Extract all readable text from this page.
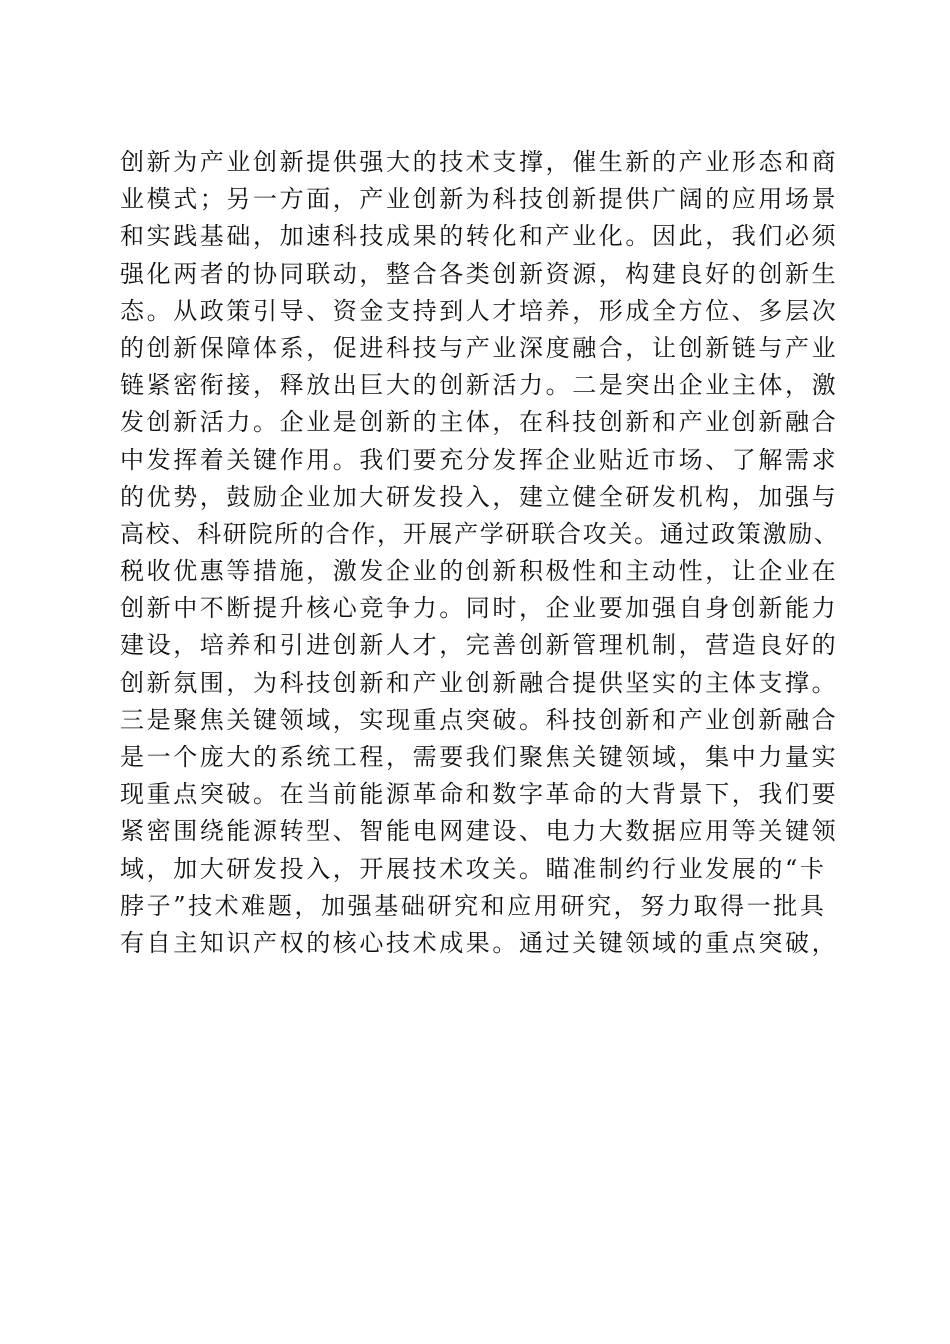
创新为产业创新提供强大的技术支撑，催生新的产业形态和商
业模式；另一方面，产业创新为科技创新提供广阔的应用场景
和实践基础，加速科技成果的转化和产业化。因此，我们必须
强化两者的协同联动，整合各类创新资源，构建良好的创新生
态。从政策引导、资金支持到人才培养，形成全方位、多层次
的创新保障体系，促进科技与产业深度融合，让创新链与产业
链紧密衔接，释放出巨大的创新活力。二是突出企业主体，激
发创新活力。企业是创新的主体，在科技创新和产业创新融合
中发挥着关键作用。我们要充分发挥企业贴近市场、了解需求
的优势，鼓励企业加大研发投入，建立健全研发机构，加强与
高校、科研院所的合作，开展产学研联合攻关。通过政策激励、
税收优惠等措施，激发企业的创新积极性和主动性，让企业在
创新中不断提升核心竞争力。同时，企业要加强自身创新能力
建设，培养和引进创新人才，完善创新管理机制，营造良好的
创新氛围，为科技创新和产业创新融合提供坚实的主体支撑。
三是聚焦关键领域，实现重点突破。科技创新和产业创新融合
是一个庞大的系统工程，需要我们聚焦关键领域，集中力量实
现重点突破。在当前能源革命和数字革命的大背景下，我们要
紧密围绕能源转型、智能电网建设、电力大数据应用等关键领
域，加大研发投入，开展技术攻关。瞄准制约行业发展的“卡
脖子”技术难题，加强基础研究和应用研究，努力取得一批具
有自主知识产权的核心技术成果。通过关键领域的重点突破，
